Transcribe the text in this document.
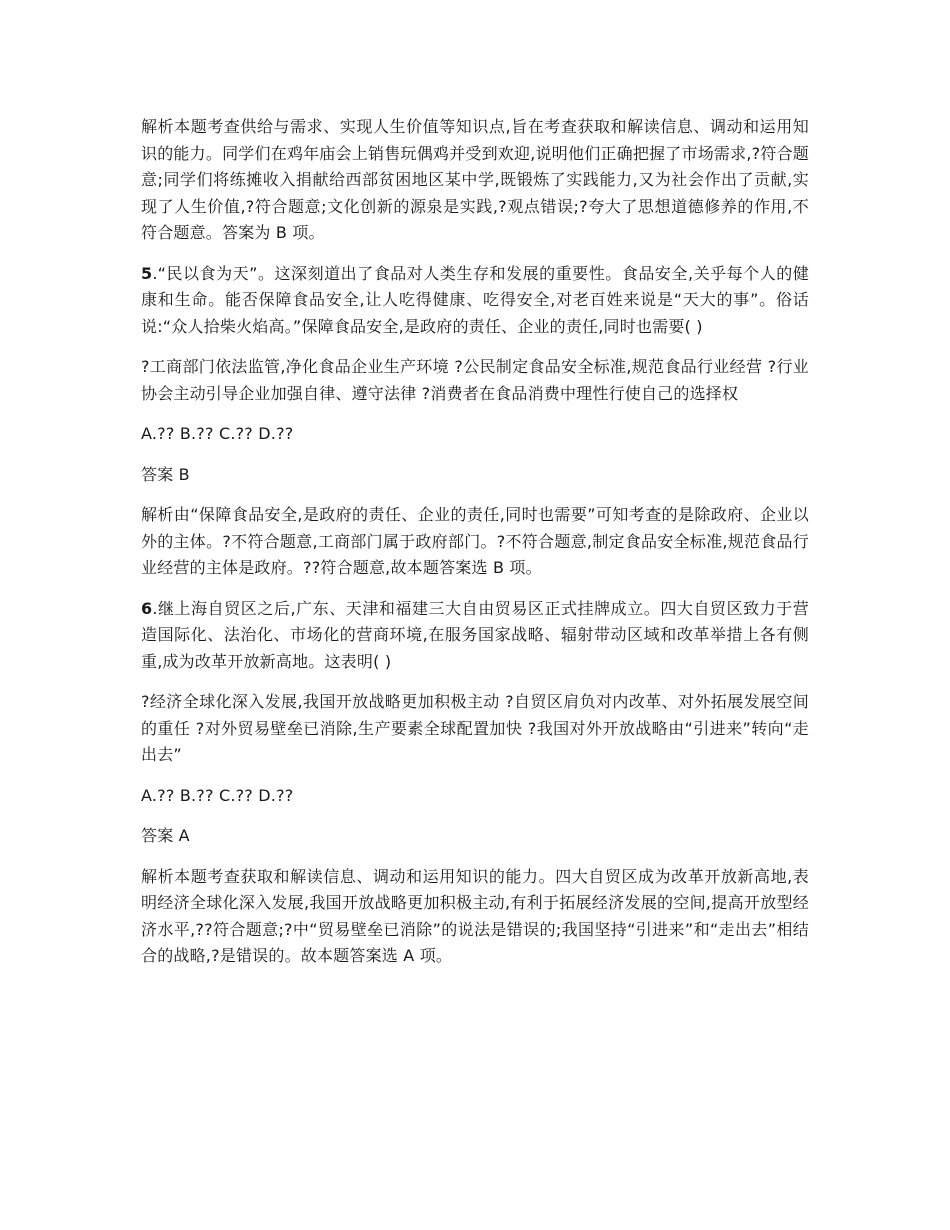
解析本题考查供给与需求、实现人生价值等知识点,旨在考查获取和解读信息、调动和运用知识的能力。同学们在鸡年庙会上销售玩偶鸡并受到欢迎,说明他们正确把握了市场需求,?符合题意;同学们将练摊收入捐献给西部贫困地区某中学,既锻炼了实践能力,又为社会作出了贡献,实现了人生价值,?符合题意;文化创新的源泉是实践,?观点错误;?夸大了思想道德修养的作用,不符合题意。答案为 B 项。

5.“民以食为天”。这深刻道出了食品对人类生存和发展的重要性。食品安全,关乎每个人的健康和生命。能否保障食品安全,让人吃得健康、吃得安全,对老百姓来说是“天大的事”。俗话说:“众人拾柴火焰高。”保障食品安全,是政府的责任、企业的责任,同时也需要( )

?工商部门依法监管,净化食品企业生产环境 ?公民制定食品安全标准,规范食品行业经营 ?行业协会主动引导企业加强自律、遵守法律 ?消费者在食品消费中理性行使自己的选择权

A.?? B.?? C.?? D.??

答案 B

解析由“保障食品安全,是政府的责任、企业的责任,同时也需要”可知考查的是除政府、企业以外的主体。?不符合题意,工商部门属于政府部门。?不符合题意,制定食品安全标准,规范食品行业经营的主体是政府。??符合题意,故本题答案选 B 项。

6.继上海自贸区之后,广东、天津和福建三大自由贸易区正式挂牌成立。四大自贸区致力于营造国际化、法治化、市场化的营商环境,在服务国家战略、辐射带动区域和改革举措上各有侧重,成为改革开放新高地。这表明( )

?经济全球化深入发展,我国开放战略更加积极主动 ?自贸区肩负对内改革、对外拓展发展空间的重任 ?对外贸易壁垒已消除,生产要素全球配置加快 ?我国对外开放战略由“引进来”转向“走出去”

A.?? B.?? C.?? D.??

答案 A

解析本题考查获取和解读信息、调动和运用知识的能力。四大自贸区成为改革开放新高地,表明经济全球化深入发展,我国开放战略更加积极主动,有利于拓展经济发展的空间,提高开放型经济水平,??符合题意;?中“贸易壁垒已消除”的说法是错误的;我国坚持“引进来”和“走出去”相结合的战略,?是错误的。故本题答案选 A 项。
